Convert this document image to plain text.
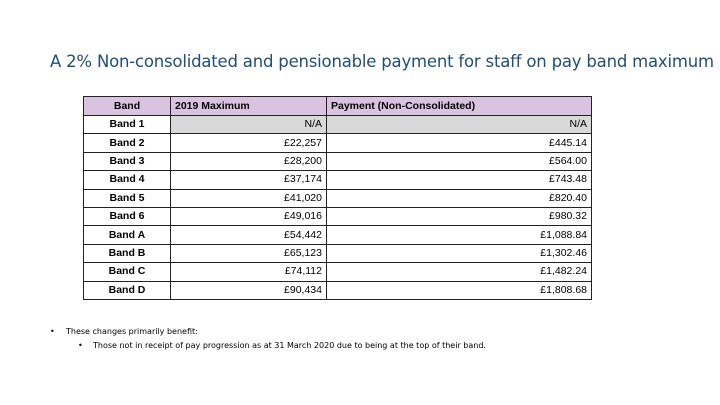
A 2% Non-consolidated and pensionable payment for staff on pay band maximum
Band	2019 Maximum	Payment (Non-Consolidated)
Band 1	N/A	N/A
Band 2	£22,257	£445.14
Band 3	£28,200	£564.00
Band 4	£37,174	£743.48
Band 5	£41,020	£820.40
Band 6	£49,016	£980.32
Band A	£54,442	£1,088.84
Band B	£65,123	£1,302.46
Band C	£74,112	£1,482.24
Band D	£90,434	£1,808.68
• These changes primarily benefit:
• Those not in receipt of pay progression as at 31 March 2020 due to being at the top of their band.
